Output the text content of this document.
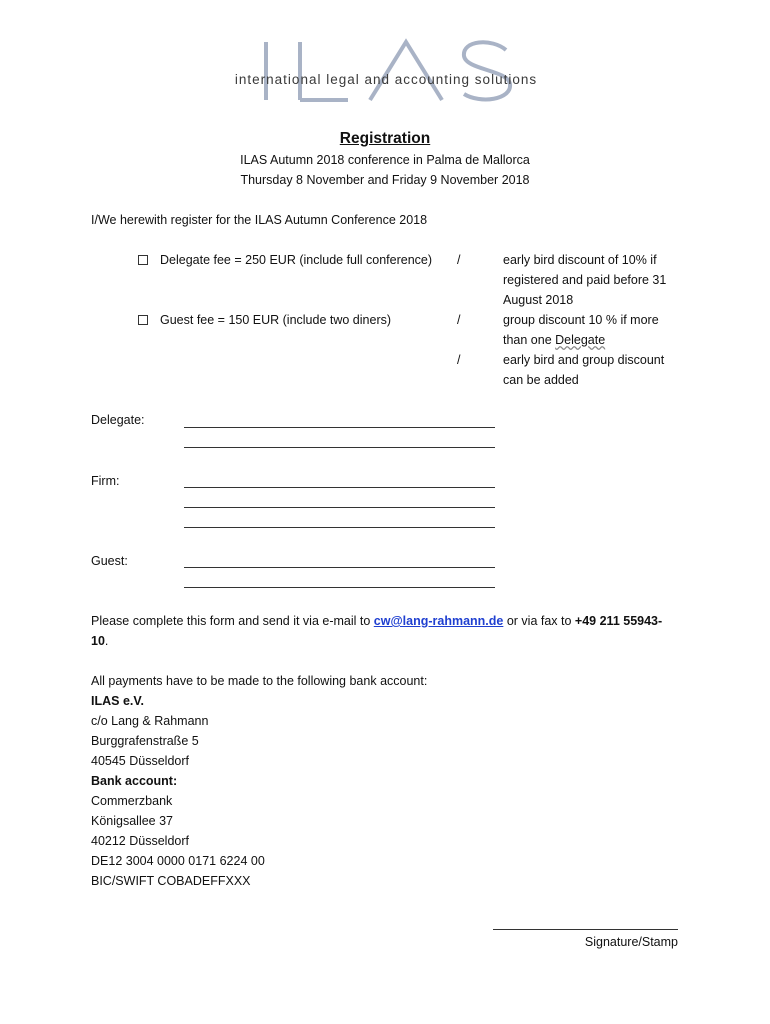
international legal and accounting solutions
Registration
ILAS Autumn 2018 conference in Palma de Mallorca
Thursday 8 November and Friday 9 November 2018
I/We herewith register for the ILAS Autumn Conference 2018
Delegate fee = 250 EUR (include full conference) /
Guest fee = 150 EUR (include two diners)	/
/
early bird discount of 10% if
registered and paid before 31
August 2018
group discount 10 % if more
than one Delegate
early bird and group discount
can be added
Delegate:
Firm:
Guest:
Please complete this form and send it via e-mail to cw@lang-rahmann.de or via fax to +49 211 55943-
10.
All payments have to be made to the following bank account:
ILAS e.V.
c/o Lang & Rahmann
Burggrafenstraße 5
40545 Düsseldorf
Bank account:
Commerzbank
Königsallee 37
40212 Düsseldorf
DE12 3004 0000 0171 6224 00
BIC/SWIFT COBADEFFXXX
Signature/Stamp
